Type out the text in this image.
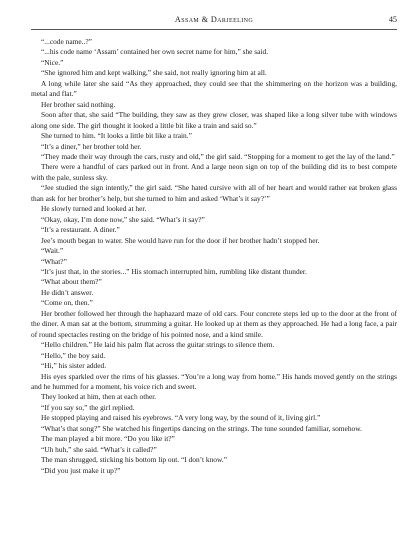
Assam & Darjeeling	45

“...code name..?”

“...his code name ‘Assam’ contained her own secret name for him,” she said.

“Nice.”

“She ignored him and kept walking,” she said, not really ignoring him at all.

A long while later she said “As they approached, they could see that the shimmering on the horizon was a building, metal and flat.”

Her brother said nothing.

Soon after that, she said “The building, they saw as they grew closer, was shaped like a long silver tube with windows along one side. The girl thought it looked a little bit like a train and said so.”

She turned to him. “It looks a little bit like a train.”

“It’s a diner,” her brother told her.

“They made their way through the cars, rusty and old,” the girl said. “Stopping for a moment to get the lay of the land.”

There were a handful of cars parked out in front. And a large neon sign on top of the building did its to best compete with the pale, sunless sky.

“Jee studied the sign intently,” the girl said. “She hated cursive with all of her heart and would rather eat broken glass than ask for her brother’s help, but she turned to him and asked ‘What’s it say?’”

He slowly turned and looked at her.

“Okay, okay, I’m done now,” she said. “What’s it say?”

“It’s a restaurant. A diner.”

Jee’s mouth began to water. She would have run for the door if her brother hadn’t stopped her.

“Wait.”

“What?”

“It’s just that, in the stories...” His stomach interrupted him, rumbling like distant thunder.

“What about them?”

He didn’t answer.

“Come on, then.”

Her brother followed her through the haphazard maze of old cars. Four concrete steps led up to the door at the front of the diner. A man sat at the bottom, strumming a guitar. He looked up at them as they approached. He had a long face, a pair of round spectacles resting on the bridge of his pointed nose, and a kind smile.

“Hello children.” He laid his palm flat across the guitar strings to silence them.

“Hello,” the boy said.

“Hi,” his sister added.

His eyes sparkled over the rims of his glasses. “You’re a long way from home.” His hands moved gently on the strings and he hummed for a moment, his voice rich and sweet.

They looked at him, then at each other.

“If you say so,” the girl replied.

He stopped playing and raised his eyebrows. “A very long way, by the sound of it, living girl.”

“What’s that song?” She watched his fingertips dancing on the strings. The tune sounded familiar, somehow.

The man played a bit more. “Do you like it?”

“Uh huh,” she said. “What’s it called?”

The man shrugged, sticking his bottom lip out. “I don’t know.”

“Did you just make it up?”
